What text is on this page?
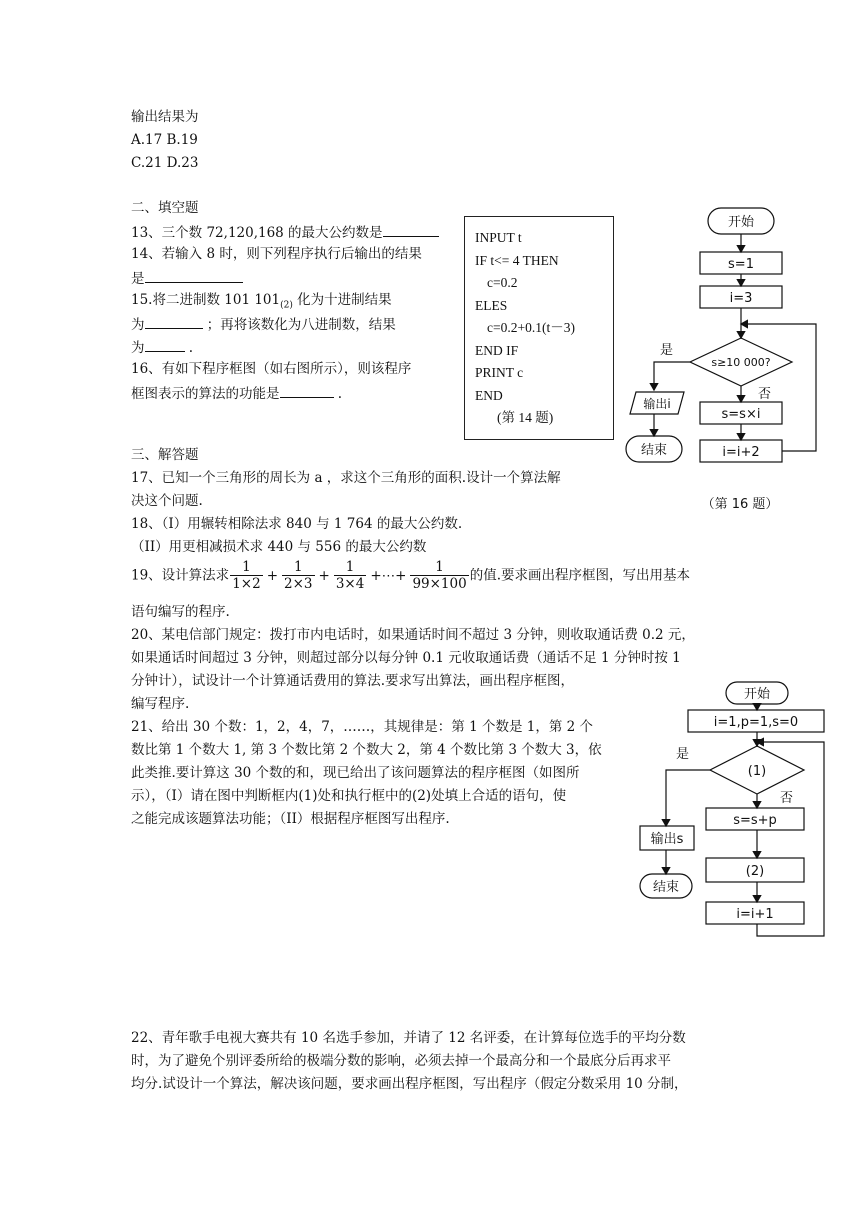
输出结果为
A.17 B.19
C.21 D.23
二、填空题
13、三个数 72,120,168 的最大公约数是
14、若输入 8 时，则下列程序执行后输出的结果
是
15.将二进制数 101 $101_{(2)}$ 化为十进制结果
为	；再将该数化为八进制数，结果
为	.
16、有如下程序框图（如右图所示），则该程序
框图表示的算法的功能是	.
INPUT t
IF t<= 4 THEN
c=0.2
ELES
c=0.2+0.1(t－3)
END IF
PRINT c
END
(第 14 题)
开始
s=1
i=3
s≥10 000?
是
否
输出i
结束
s=s×i
i=i+2
（第 16 题）
三、解答题
17、已知一个三角形的周长为 a ，求这个三角形的面积.设计一个算法解
决这个问题.
18、（I）用辗转相除法求 840 与 1 764 的最大公约数.
（II）用更相减损术求 440 与 556 的最大公约数
19、设计算法求 $\frac{1}{1\times 2} + \frac{1}{2\times 3} + \frac{1}{3\times 4}$ +⋯+ $\frac{1}{99\times 100}$ 的值.要求画出程序框图，写出用基本
语句编写的程序.
20、某电信部门规定：拨打市内电话时，如果通话时间不超过 3 分钟，则收取通话费 0.2 元，
如果通话时间超过 3 分钟，则超过部分以每分钟 0.1 元收取通话费（通话不足 1 分钟时按 1
分钟计），试设计一个计算通话费用的算法.要求写出算法，画出程序框图，
编写程序.
21、给出 30 个数：1，2，4，7，……，其规律是：第 1 个数是 1，第 2 个
数比第 1 个数大 1, 第 3 个数比第 2 个数大 2，第 4 个数比第 3 个数大 3，依
此类推.要计算这 30 个数的和，现已给出了该问题算法的程序框图（如图所
示），（I）请在图中判断框内(1)处和执行框中的(2)处填上合适的语句，使
之能完成该题算法功能；（II）根据程序框图写出程序.
开始
i=1,p=1,s=0
(1)
是
否
s=s+p
(2)
i=i+1
输出s
结束
22、青年歌手电视大赛共有 10 名选手参加，并请了 12 名评委，在计算每位选手的平均分数
时，为了避免个别评委所给的极端分数的影响，必须去掉一个最高分和一个最底分后再求平
均分.试设计一个算法，解决该问题，要求画出程序框图，写出程序（假定分数采用 10 分制，
